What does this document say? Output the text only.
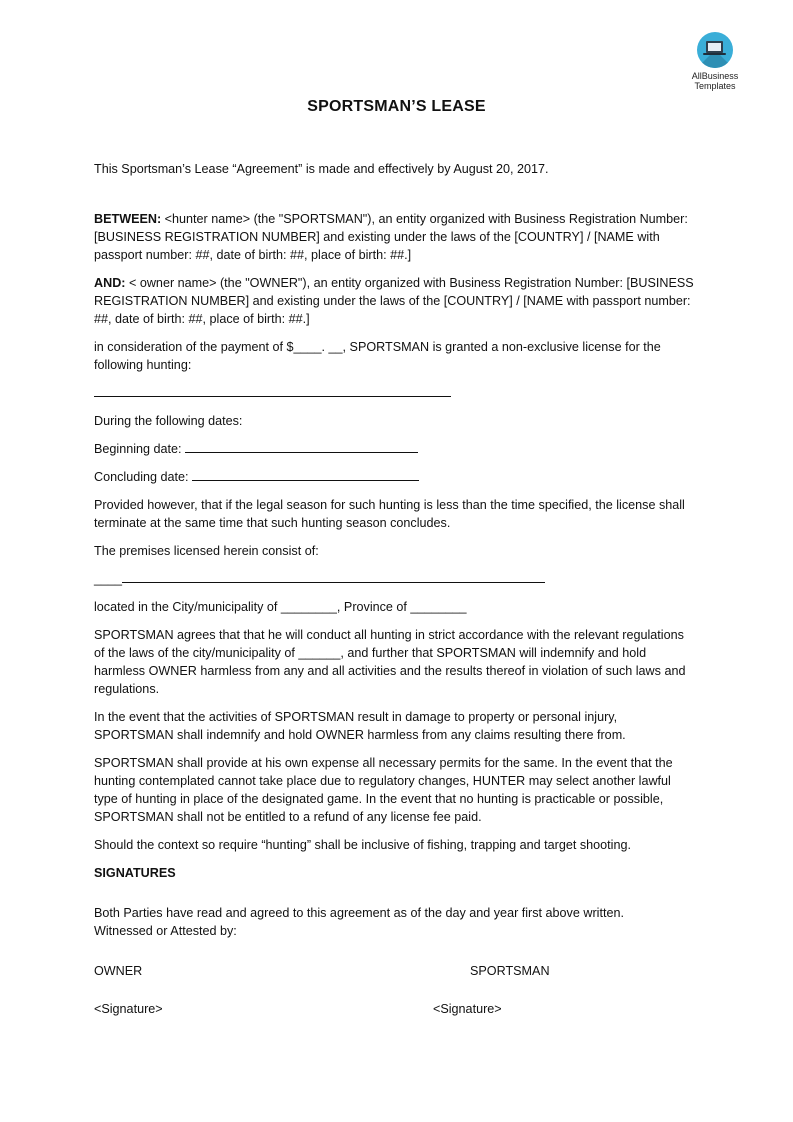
AllBusiness
Templates
SPORTSMAN’S LEASE

This Sportsman’s Lease “Agreement” is made and effectively by August 20, 2017.

BETWEEN: <hunter name> (the "SPORTSMAN"), an entity organized with Business Registration Number: [BUSINESS REGISTRATION NUMBER] and existing under the laws of the [COUNTRY] / [NAME with passport number: ##, date of birth: ##, place of birth: ##.]

AND: < owner name> (the "OWNER"), an entity organized with Business Registration Number: [BUSINESS REGISTRATION NUMBER] and existing under the laws of the [COUNTRY] / [NAME with passport number: ##, date of birth: ##, place of birth: ##.]

in consideration of the payment of $____. __, SPORTSMAN is granted a non-exclusive license for the following hunting:

During the following dates:

Beginning date:

Concluding date:

Provided however, that if the legal season for such hunting is less than the time specified, the license shall terminate at the same time that such hunting season concludes.

The premises licensed herein consist of:

____

located in the City/municipality of ________, Province of ________

SPORTSMAN agrees that that he will conduct all hunting in strict accordance with the relevant regulations of the laws of the city/municipality of ______, and further that SPORTSMAN will indemnify and hold harmless OWNER harmless from any and all activities and the results thereof in violation of such laws and regulations.

In the event that the activities of SPORTSMAN result in damage to property or personal injury, SPORTSMAN shall indemnify and hold OWNER harmless from any claims resulting there from.

SPORTSMAN shall provide at his own expense all necessary permits for the same. In the event that the hunting contemplated cannot take place due to regulatory changes, HUNTER may select another lawful type of hunting in place of the designated game. In the event that no hunting is practicable or possible, SPORTSMAN shall not be entitled to a refund of any license fee paid.

Should the context so require “hunting” shall be inclusive of fishing, trapping and target shooting.

SIGNATURES

Both Parties have read and agreed to this agreement as of the day and year first above written.

Witnessed or Attested by:

OWNER	SPORTSMAN
<Signature>	<Signature>
